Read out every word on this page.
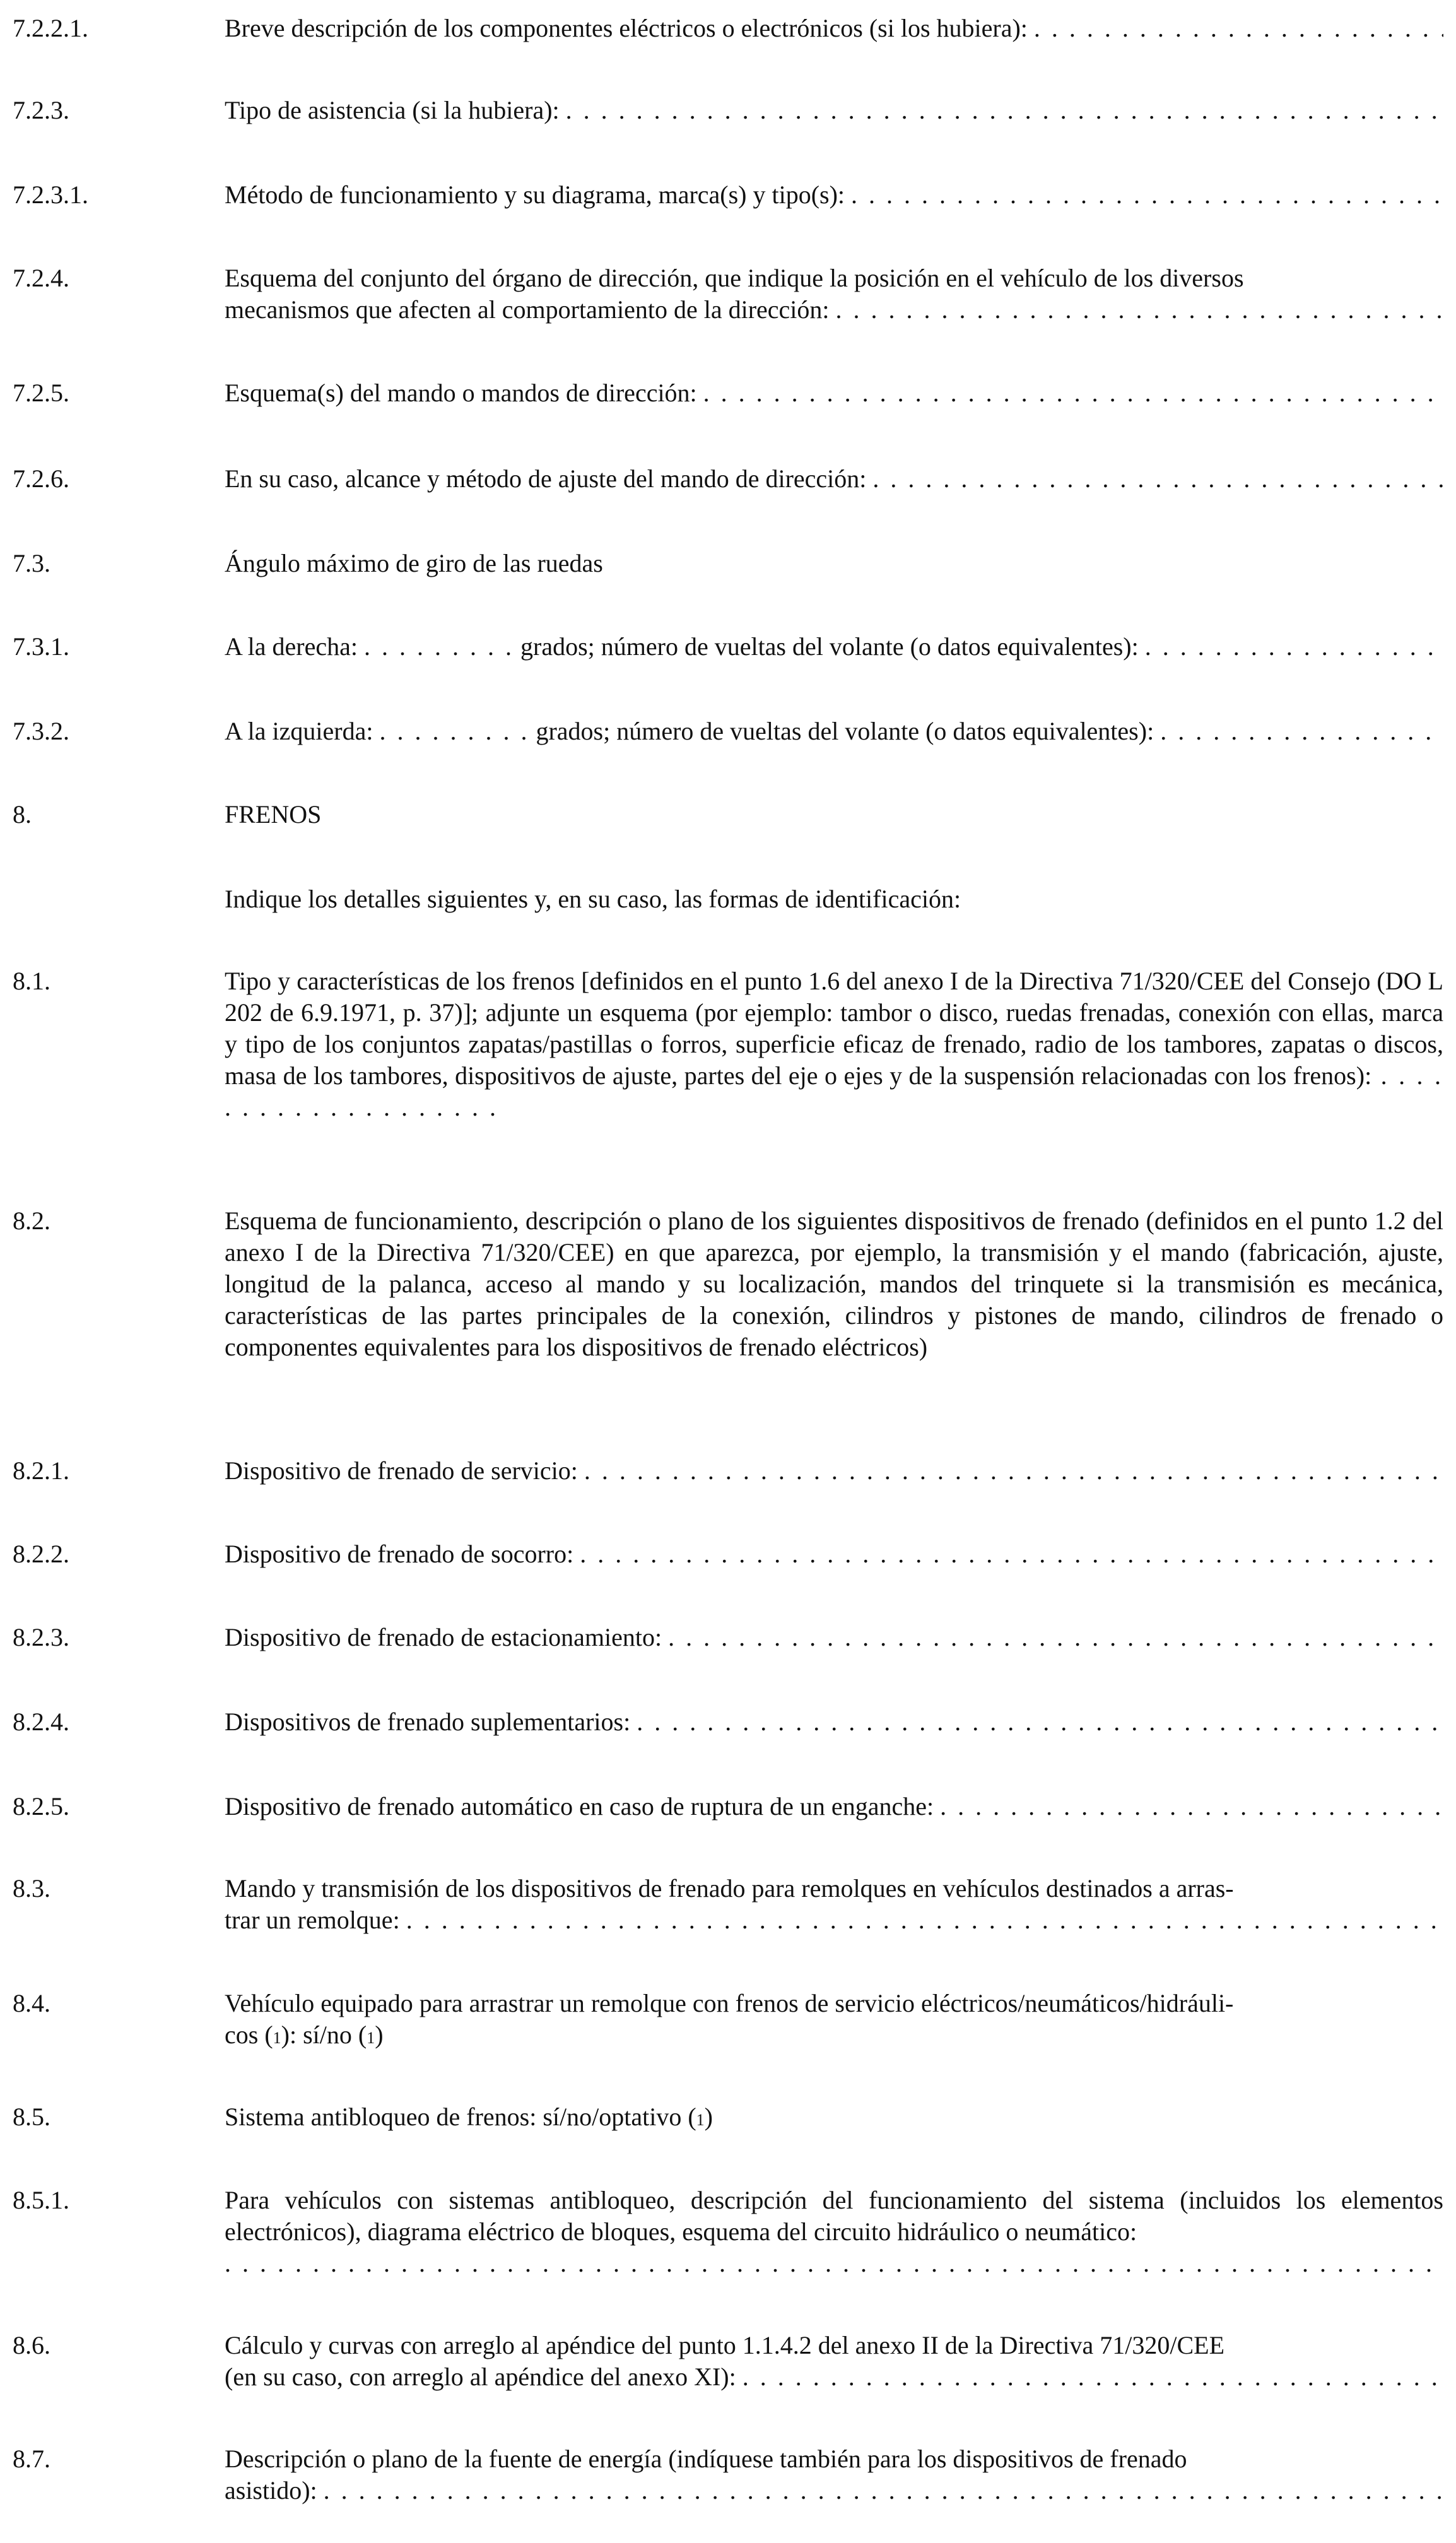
7.2.2.1.	Breve descripción de los componentes eléctricos o electrónicos (si los hubiera):
. . .
7.2.3.	Tipo de asistencia (si la hubiera):
. . .
7.2.3.1.	Método de funcionamiento y su diagrama, marca(s) y tipo(s):
. . .
7.2.4.	Esquema del conjunto del órgano de dirección, que indique la posición en el vehículo de los diversos
mecanismos que afecten al comportamiento de la dirección:
. . .
7.2.5.	Esquema(s) del mando o mandos de dirección:
. . .
7.2.6.	En su caso, alcance y método de ajuste del mando de dirección:
. . .
7.3.	Ángulo máximo de giro de las ruedas
7.3.1.	A la derecha: . . .	grados; número de vueltas del volante (o datos equivalentes):
. . .
7.3.2.	A la izquierda: . . .	grados; número de vueltas del volante (o datos equivalentes):
. . .
8.	FRENOS
Indique los detalles siguientes y, en su caso, las formas de identificación:
8.1.	Tipo y características de los frenos [definidos en el punto 1.6 del anexo I de la Directiva 71/320/CEE del Consejo (DO L 202 de 6.9.1971, p. 37)]; adjunte un esquema (por ejemplo: tambor o disco, ruedas frenadas, conexión con ellas, marca y tipo de los conjuntos zapatas/pastillas o forros, superficie eficaz de frenado, radio de los tambores, zapatas o discos, masa de los tambores, dispositivos de ajuste, partes del eje o ejes y de la suspensión relacionadas con los frenos): . . . . . . . . . . . . . . . . . . . .
8.2.	Esquema de funcionamiento, descripción o plano de los siguientes dispositivos de frenado (definidos en el punto 1.2 del anexo I de la Directiva 71/320/CEE) en que aparezca, por ejemplo, la transmisión y el mando (fabricación, ajuste, longitud de la palanca, acceso al mando y su localización, mandos del trinquete si la transmisión es mecánica, características de las partes principales de la conexión, cilindros y pistones de mando, cilindros de frenado o componentes equivalentes para los dispositivos de frenado eléctricos)
8.2.1.	Dispositivo de frenado de servicio:
. . .
8.2.2.	Dispositivo de frenado de socorro:
. . .
8.2.3.	Dispositivo de frenado de estacionamiento:
. . .
8.2.4.	Dispositivos de frenado suplementarios:
. . .
8.2.5.	Dispositivo de frenado automático en caso de ruptura de un enganche:
. . .
8.3.	Mando y transmisión de los dispositivos de frenado para remolques en vehículos destinados a arras-
trar un remolque:
. . .
8.4.	Vehículo equipado para arrastrar un remolque con frenos de servicio eléctricos/neumáticos/hidráuli-
cos ( 1 ): sí/no ( 1 )
8.5.	Sistema antibloqueo de frenos: sí/no/optativo ( 1 )
8.5.1.	Para vehículos con sistemas antibloqueo, descripción del funcionamiento del sistema (incluidos los elementos electrónicos), diagrama eléctrico de bloques, esquema del circuito hidráulico o neumático:
. . .
8.6.	Cálculo y curvas con arreglo al apéndice del punto 1.1.4.2 del anexo II de la Directiva 71/320/CEE
(en su caso, con arreglo al apéndice del anexo XI):
. . .
8.7.	Descripción o plano de la fuente de energía (indíquese también para los dispositivos de frenado
asistido):
. . .
